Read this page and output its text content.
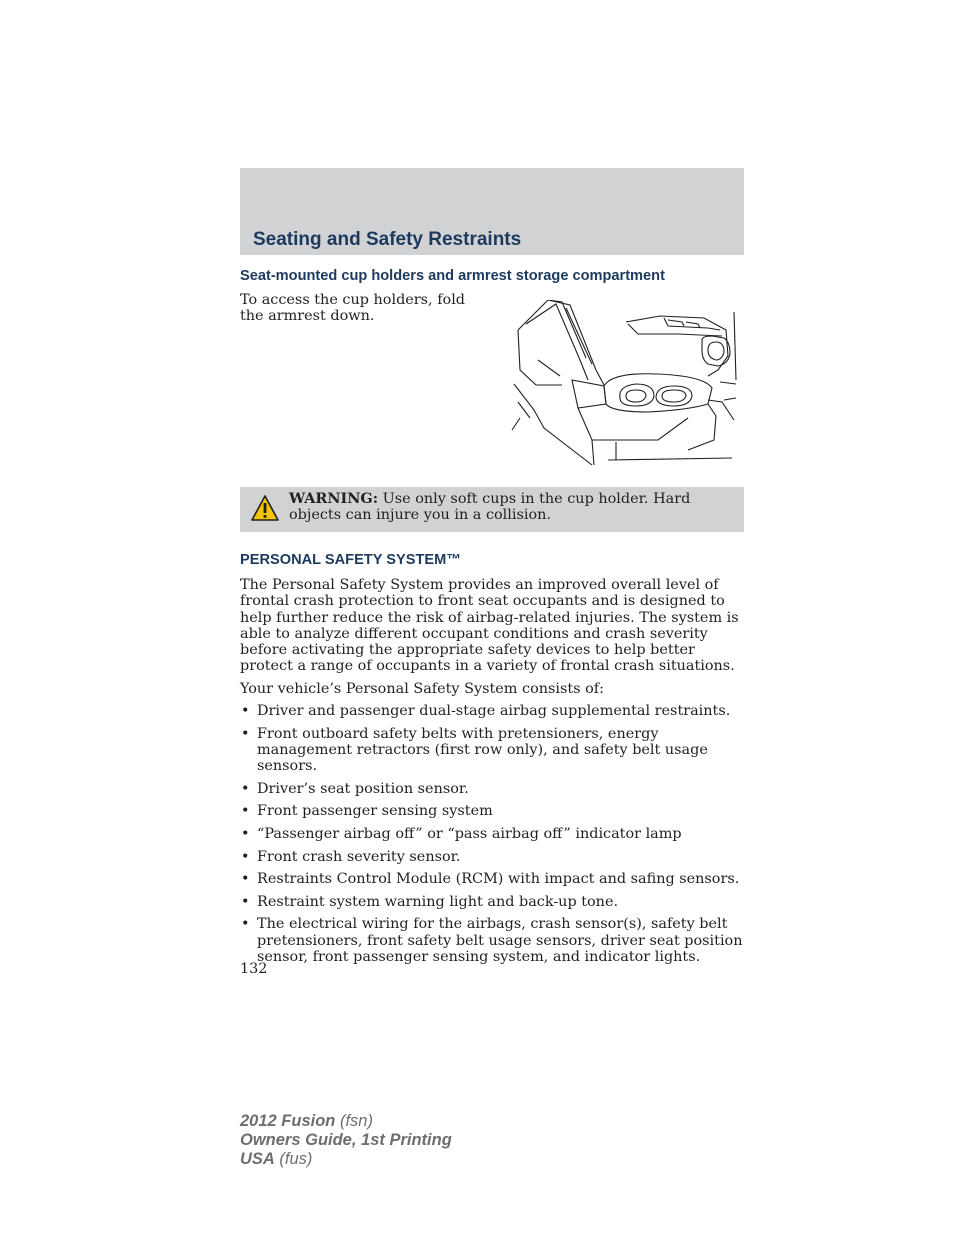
Seating and Safety Restraints
Seat-mounted cup holders and armrest storage compartment
To access the cup holders, fold the armrest down.
WARNING: Use only soft cups in the cup holder. Hard objects can injure you in a collision.
PERSONAL SAFETY SYSTEM™
The Personal Safety System provides an improved overall level of frontal crash protection to front seat occupants and is designed to help further reduce the risk of airbag-related injuries. The system is able to analyze different occupant conditions and crash severity before activating the appropriate safety devices to help better protect a range of occupants in a variety of frontal crash situations.
Your vehicle’s Personal Safety System consists of:
• Driver and passenger dual-stage airbag supplemental restraints.
• Front outboard safety belts with pretensioners, energy management retractors (first row only), and safety belt usage sensors.
• Driver’s seat position sensor.
• Front passenger sensing system
• “Passenger airbag off” or “pass airbag off” indicator lamp
• Front crash severity sensor.
• Restraints Control Module (RCM) with impact and safing sensors.
• Restraint system warning light and back-up tone.
• The electrical wiring for the airbags, crash sensor(s), safety belt pretensioners, front safety belt usage sensors, driver seat position sensor, front passenger sensing system, and indicator lights.
132
2012 Fusion (fsn)
Owners Guide, 1st Printing
USA (fus)
